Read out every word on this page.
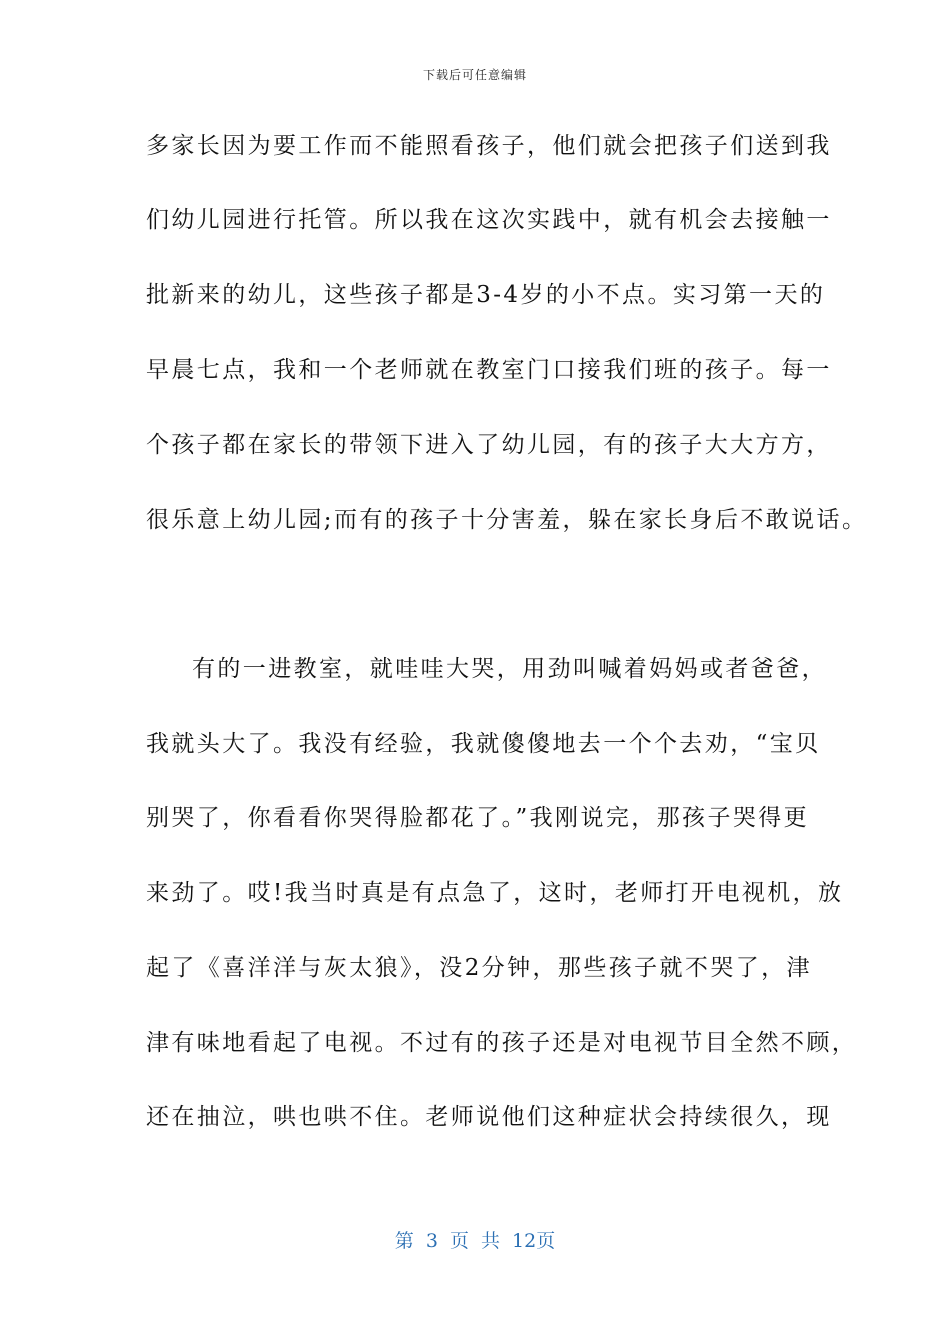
下载后可任意编辑
多家长因为要工作而不能照看孩子，他们就会把孩子们送到我
们幼儿园进行托管。所以我在这次实践中，就有机会去接触一
批新来的幼儿，这些孩子都是3-4岁的小不点。实习第一天的
早晨七点，我和一个老师就在教室门口接我们班的孩子。每一
个孩子都在家长的带领下进入了幼儿园，有的孩子大大方方，
很乐意上幼儿园;而有的孩子十分害羞，躲在家长身后不敢说话。
有的一进教室，就哇哇大哭，用劲叫喊着妈妈或者爸爸，
我就头大了。我没有经验，我就傻傻地去一个个去劝，“宝贝
别哭了，你看看你哭得脸都花了。”我刚说完，那孩子哭得更
来劲了。哎!我当时真是有点急了，这时，老师打开电视机，放
起了《喜洋洋与灰太狼》，没2分钟，那些孩子就不哭了，津
津有味地看起了电视。不过有的孩子还是对电视节目全然不顾，
还在抽泣，哄也哄不住。老师说他们这种症状会持续很久，现
第 3 页 共 12页
